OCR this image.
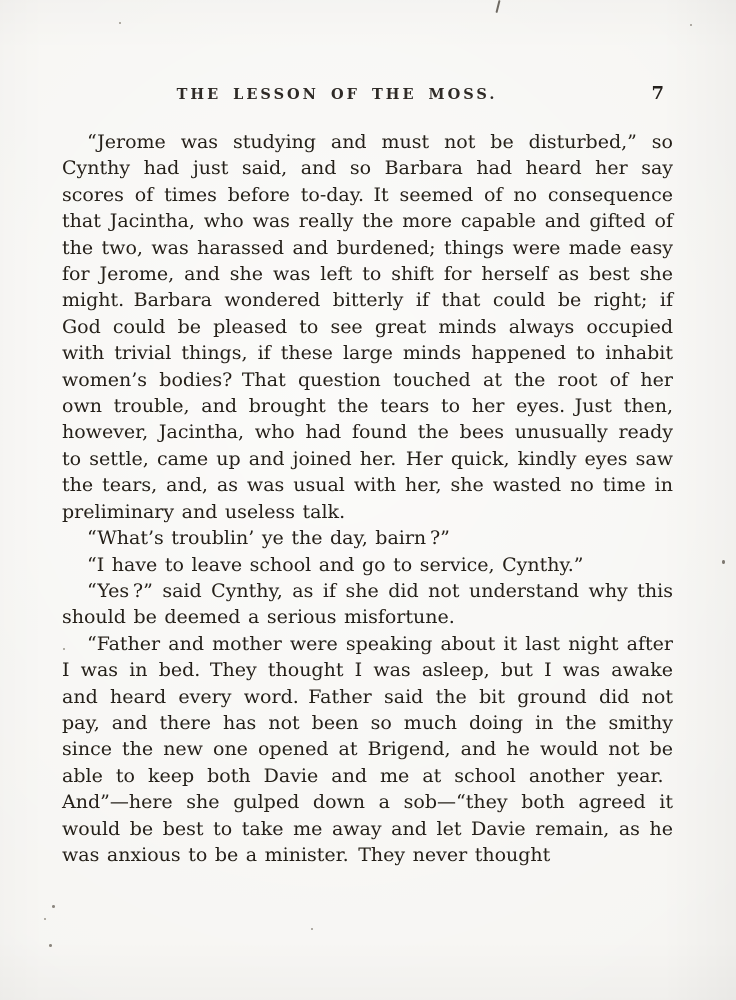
THE LESSON OF THE MOSS.	7

“Jerome was studying and must not be disturbed,” so Cynthy had just said, and so Barbara had heard her say scores of times before to-day. It seemed of no consequence that Jacintha, who was really the more capable and gifted of the two, was harassed and burdened; things were made easy for Jerome, and she was left to shift for herself as best she might. Barbara wondered bitterly if that could be right; if God could be pleased to see great minds always occupied with trivial things, if these large minds happened to inhabit women’s bodies? That question touched at the root of her own trouble, and brought the tears to her eyes. Just then, however, Jacintha, who had found the bees unusually ready to settle, came up and joined her. Her quick, kindly eyes saw the tears, and, as was usual with her, she wasted no time in preliminary and useless talk.

“What’s troublin’ ye the day, bairn ?”

“I have to leave school and go to service, Cynthy.”

“Yes ?” said Cynthy, as if she did not understand why this should be deemed a serious misfortune.

“Father and mother were speaking about it last night after I was in bed. They thought I was asleep, but I was awake and heard every word. Father said the bit ground did not pay, and there has not been so much doing in the smithy since the new one opened at Brigend, and he would not be able to keep both Davie and me at school another year. And”—here she gulped down a sob—“they both agreed it would be best to take me away and let Davie remain, as he was anxious to be a minister. They never thought
